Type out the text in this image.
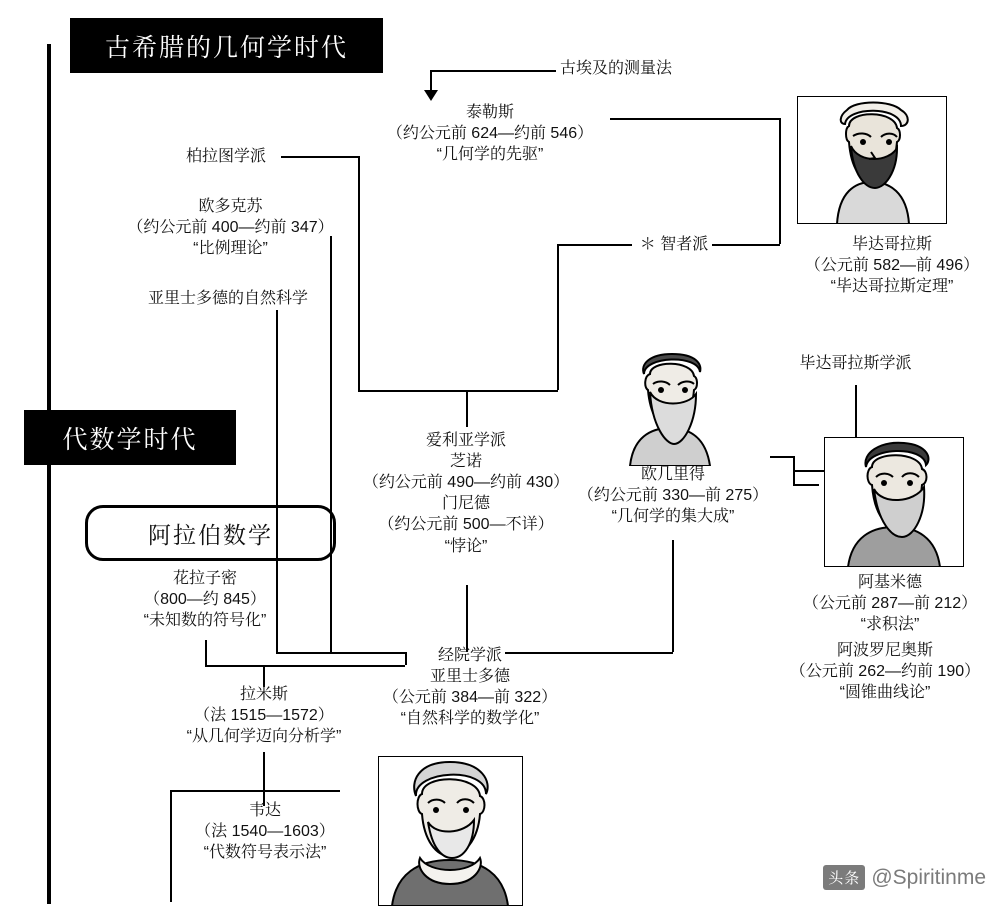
古希腊的几何学时代
代数学时代
阿拉伯数学
古埃及的测量法
泰勒斯
（约公元前 624—约前 546）
“几何学的先驱”
柏拉图学派
欧多克苏
（约公元前 400—约前 347）
“比例理论”
亚里士多德的自然科学
＊ 智者派	毕达哥拉斯
（公元前 582—前 496）
“毕达哥拉斯定理”
毕达哥拉斯学派
爱利亚学派
芝诺
（约公元前 490—约前 430）
门尼德
（约公元前 500—不详）
“悖论”
欧几里得
（约公元前 330—前 275）
“几何学的集大成”
阿基米德
（公元前 287—前 212）
“求积法”
阿波罗尼奥斯
（公元前 262—约前 190）
“圆锥曲线论”
花拉子密
（800—约 845）
“未知数的符号化”
经院学派
亚里士多德
（公元前 384—前 322）
“自然科学的数学化”
拉米斯
（法 1515—1572）
“从几何学迈向分析学”
韦达
（法 1540—1603）
“代数符号表示法”
头条 @Spiritinme
